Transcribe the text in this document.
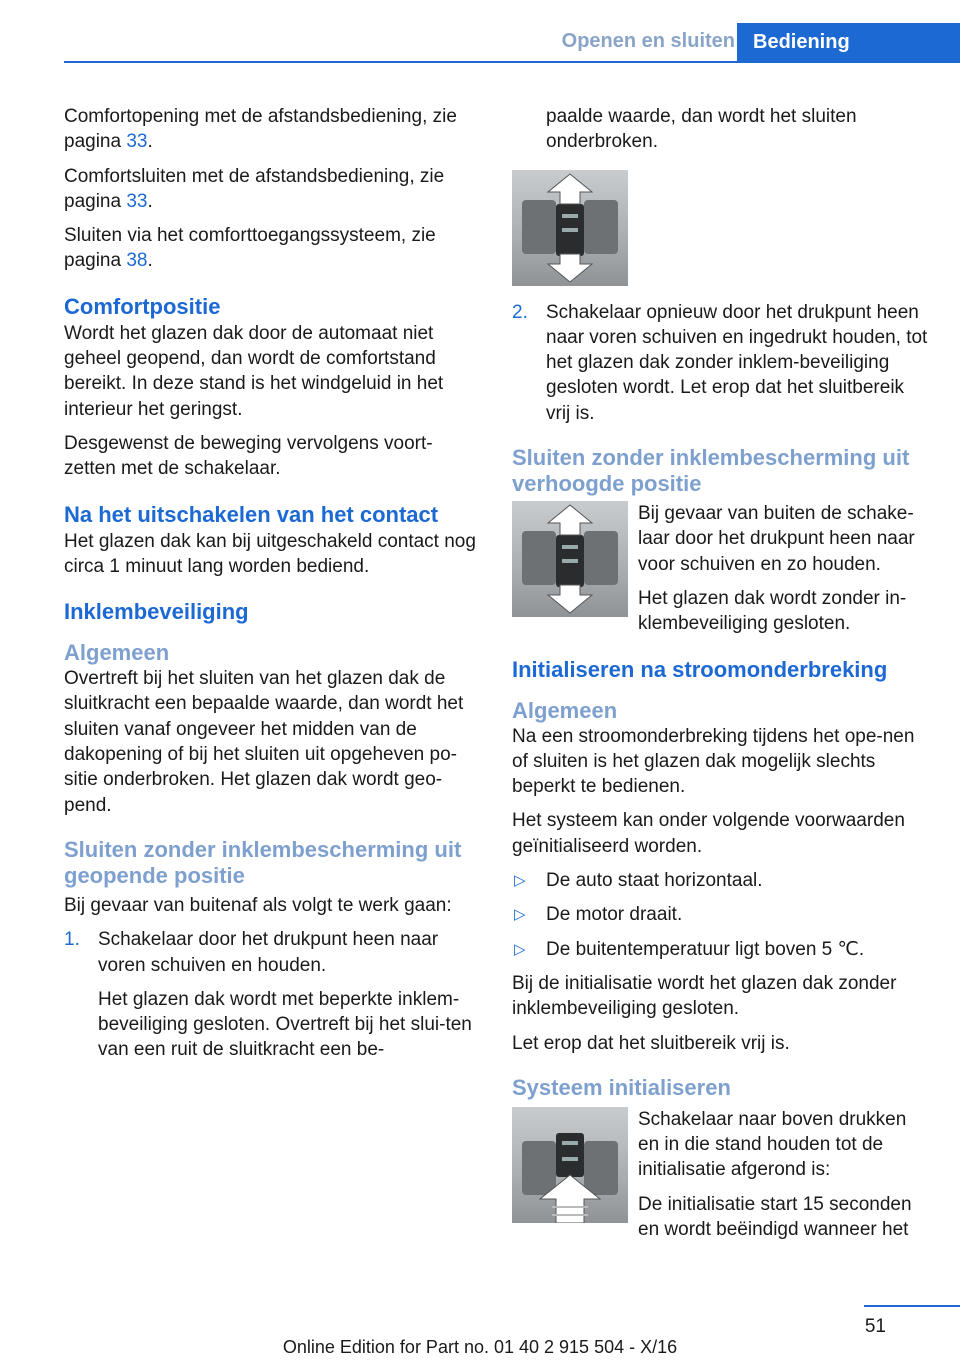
Openen en sluiten Bediening

Comfortopening met de afstandsbediening, zie pagina 33.

Comfortsluiten met de afstandsbediening, zie pagina 33.

Sluiten via het comforttoegangssysteem, zie pagina 38.

Comfortpositie

Wordt het glazen dak door de automaat niet geheel geopend, dan wordt de comfortstand bereikt. In deze stand is het windgeluid in het interieur het geringst.

Desgewenst de beweging vervolgens voort-zetten met de schakelaar.

Na het uitschakelen van het contact

Het glazen dak kan bij uitgeschakeld contact nog circa 1 minuut lang worden bediend.

Inklembeveiliging
Algemeen

Overtreft bij het sluiten van het glazen dak de sluitkracht een bepaalde waarde, dan wordt het sluiten vanaf ongeveer het midden van de dakopening of bij het sluiten uit opgeheven po-sitie onderbroken. Het glazen dak wordt geo-pend.

Sluiten zonder inklembescherming uit geopende positie

Bij gevaar van buitenaf als volgt te werk gaan:

1. Schakelaar door het drukpunt heen naar voren schuiven en houden.

Het glazen dak wordt met beperkte inklem-beveiliging gesloten. Overtreft bij het slui-ten van een ruit de sluitkracht een be-

paalde waarde, dan wordt het sluiten onderbroken.

2. Schakelaar opnieuw door het drukpunt heen naar voren schuiven en ingedrukt houden, tot het glazen dak zonder inklem-beveiliging gesloten wordt. Let erop dat het sluitbereik vrij is.

Sluiten zonder inklembescherming uit verhoogde positie

Bij gevaar van buiten de schake-laar door het drukpunt heen naar voor schuiven en zo houden.

Het glazen dak wordt zonder in-klembeveiliging gesloten.

Initialiseren na stroomonderbreking
Algemeen

Na een stroomonderbreking tijdens het ope-nen of sluiten is het glazen dak mogelijk slechts beperkt te bedienen.

Het systeem kan onder volgende voorwaarden geïnitialiseerd worden.

▷ De auto staat horizontaal.

▷ De motor draait.

▷ De buitentemperatuur ligt boven 5 ℃.

Bij de initialisatie wordt het glazen dak zonder inklembeveiliging gesloten.

Let erop dat het sluitbereik vrij is.

Systeem initialiseren

Schakelaar naar boven drukken en in die stand houden tot de initialisatie afgerond is:

De initialisatie start 15 seconden en wordt beëindigd wanneer het

51
Online Edition for Part no. 01 40 2 915 504 - X/16
